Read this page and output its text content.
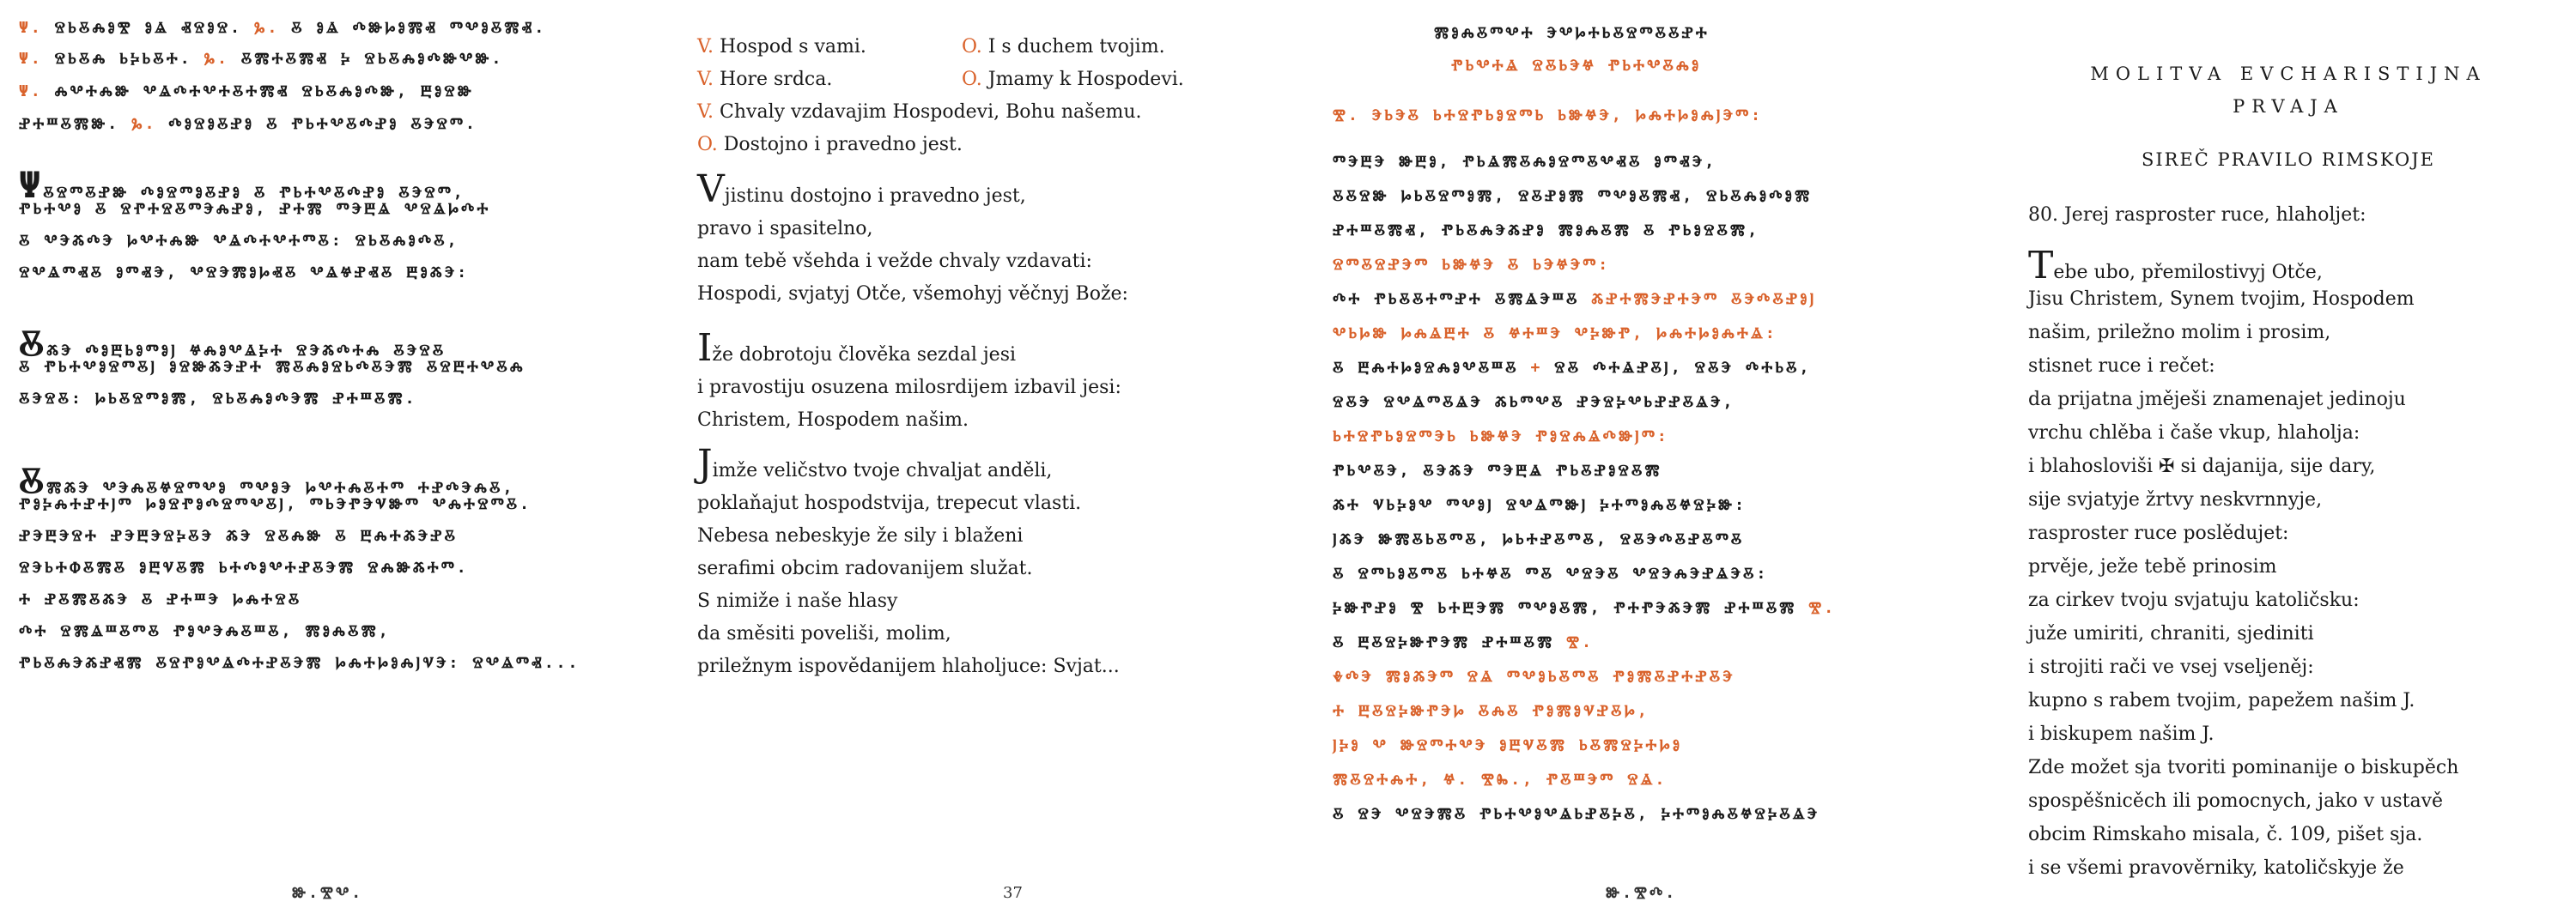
Ψ. ⰔⰓⰋⰎⰑⰊ ⰑⰡ ⰟⰔⰑⰔ. Ⰳ. Ⰻ ⰑⰡ ⰄⰖⰘⰑⰏⰟ ⰕⰂⰑⰋⰏⰟ.
Ψ. ⰔⰓⰋⰎ ⰓⰍⰓⰋⰀ. Ⰳ. ⰋⰏⰀⰋⰏⰟ Ⰽ ⰔⰓⰋⰎⰑⰄⰖⰂⰖ.
Ψ. ⰎⰂⰀⰎⰖ ⰂⰡⰄⰀⰂⰀⰋⰀⰏⰟ ⰔⰓⰋⰎⰑⰄⰖ, ⰁⰑⰔⰖ
ⰐⰀⰞⰋⰏⰖ. Ⰳ. ⰄⰑⰔⰑⰋⰐⰑ Ⰻ ⰒⰓⰀⰂⰋⰄⰐⰑ ⰋⰅⰔⰕ.
ΨⰋⰔⰕⰋⰐⰖ ⰄⰑⰔⰕⰑⰋⰐⰑ Ⰻ ⰒⰓⰀⰂⰋⰄⰐⰑ ⰋⰅⰔⰕ,
ⰒⰓⰀⰂⰑ Ⰻ ⰔⰒⰀⰔⰋⰕⰅⰎⰐⰑ, ⰐⰀⰏ ⰕⰅⰁⰡ ⰂⰔⰡⰘⰄⰀ
Ⰻ ⰂⰅⰆⰄⰅ ⰘⰂⰀⰎⰖ ⰂⰡⰄⰀⰂⰀⰕⰋ: ⰔⰓⰋⰎⰑⰄⰋ,
ⰔⰂⰡⰕⰟⰋ ⰑⰕⰟⰅ, ⰂⰔⰅⰏⰑⰘⰟⰋ ⰂⰡⰝⰐⰟⰋ ⰁⰑⰆⰅ:
ⰋⰆⰅ ⰄⰑⰁⰓⰑⰕⰑⰬ ⰝⰎⰑⰂⰡⰍⰀ ⰔⰅⰆⰄⰀⰎ ⰋⰅⰔⰋ
Ⰻ ⰒⰓⰀⰂⰑⰔⰕⰋⰬ ⰑⰔⰖⰆⰅⰐⰀ ⰏⰋⰎⰑⰔⰓⰄⰋⰅⰏ ⰋⰔⰁⰀⰂⰋⰎ
ⰋⰅⰔⰋ: ⰘⰓⰋⰔⰕⰑⰏ, ⰔⰓⰋⰎⰑⰄⰅⰏ ⰐⰀⰞⰋⰏ.
ⰋⰏⰆⰅ ⰂⰅⰎⰋⰝⰔⰕⰂⰑ ⰕⰂⰑⰅ ⰘⰂⰀⰎⰋⰀⰕ ⰀⰐⰄⰅⰎⰋ,
ⰒⰑⰍⰎⰀⰐⰀⰬⰕ ⰘⰑⰔⰒⰑⰄⰔⰕⰂⰋⰬ, ⰕⰓⰅⰒⰅⰜⰖⰕ ⰂⰎⰀⰔⰕⰋ.
ⰐⰅⰁⰅⰔⰀ ⰐⰅⰁⰅⰔⰍⰋⰅ ⰆⰅ ⰔⰋⰎⰖ Ⰻ ⰁⰎⰀⰆⰅⰐⰋ
ⰔⰅⰓⰀⰗⰋⰏⰋ ⰑⰁⰜⰋⰏ ⰓⰀⰄⰑⰂⰀⰐⰋⰅⰏ ⰔⰎⰖⰆⰀⰕ.
Ⰰ ⰐⰋⰏⰋⰆⰅ Ⰻ ⰐⰀⰞⰅ ⰘⰎⰀⰔⰋ
ⰄⰀ ⰔⰏⰡⰞⰋⰕⰋ ⰒⰑⰂⰅⰎⰋⰞⰋ, ⰏⰑⰎⰋⰏ,
ⰒⰓⰋⰎⰅⰆⰐⰟⰏ ⰋⰔⰒⰑⰂⰡⰄⰀⰐⰋⰅⰏ ⰘⰎⰀⰘⰑⰎⰬⰜⰅ: ⰔⰂⰡⰕⰟ...
Ⱆ.ⰊⰂ.
V. Hospod s vami.	O. I s duchem tvojim.
V. Hore srdca.	O. Jmamy k Hospodevi.
V. Chvaly vzdavajim Hospodevi, Bohu našemu.
O. Dostojno i pravedno jest.
Vjistinu dostojno i pravedno jest,
pravo i spasitelno,
nam tebě všehda i vežde chvaly vzdavati:
Hospodi, svjatyj Otče, všemohyj věčnyj Bože:
Iže dobrotoju člověka sezdal jesi
i pravostiju osuzena milosrdijem izbavil jesi:
Christem, Hospodem našim.
Jimže veličstvo tvoje chvaljat anděli,
poklaňajut hospodstvija, trepecut vlasti.
Nebesa nebeskyje že sily i blaženi
serafimi obcim radovanijem služat.
S nimiže i naše hlasy
da směsiti poveliši, molim,
priležnym ispovědanijem hlaholjuce: Svjat...
37
ⰏⰑⰎⰋⰕⰂⰀ ⰅⰂⰘⰀⰓⰋⰔⰕⰋⰋⰐⰀ
ⰒⰓⰂⰀⰡ ⰔⰋⰓⰅⰝ ⰒⰓⰀⰂⰋⰎⰑ
Ⰺ. ⰅⰓⰅⰋ ⰓⰀⰔⰒⰓⰑⰔⰕⰓ ⰓⰖⰝⰅ, ⰘⰎⰀⰘⰑⰎⰬⰅⰕ:
ⰕⰅⰁⰅ ⰖⰁⰑ, ⰒⰓⰡⰏⰋⰎⰑⰔⰕⰋⰂⰟⰋ ⰑⰕⰟⰅ,
ⰋⰋⰔⰖ ⰘⰓⰋⰔⰕⰑⰏ, ⰔⰋⰐⰑⰏ ⰕⰂⰑⰋⰏⰟ, ⰔⰓⰋⰎⰑⰄⰑⰏ
ⰐⰀⰞⰋⰏⰟ, ⰒⰓⰋⰎⰅⰆⰐⰑ ⰏⰑⰎⰋⰏ Ⰻ ⰒⰓⰑⰔⰋⰏ,
ⰔⰕⰋⰔⰐⰅⰕ ⰓⰖⰝⰅ Ⰻ ⰓⰅⰝⰅⰕ:
ⰄⰀ ⰒⰓⰋⰋⰀⰕⰐⰀ ⰋⰏⰡⰅⰞⰋ ⰆⰐⰀⰏⰅⰐⰀⰅⰕ ⰋⰅⰄⰋⰐⰑⰬ
ⰂⰓⰘⰖ ⰘⰎⰡⰁⰀ Ⰻ ⰝⰀⰞⰅ ⰂⰍⰖⰒ, ⰘⰎⰀⰘⰑⰎⰀⰡ:
Ⰻ ⰁⰎⰀⰘⰑⰔⰎⰑⰂⰋⰞⰋ + ⰔⰋ ⰄⰀⰡⰐⰋⰬ, ⰔⰋⰅ ⰄⰀⰓⰋ,
ⰔⰋⰅ ⰔⰂⰡⰕⰋⰡⰅ ⰆⰓⰕⰂⰋ ⰐⰅⰔⰍⰂⰓⰐⰐⰋⰡⰅ,
ⰓⰀⰔⰒⰓⰑⰔⰕⰅⰓ ⰓⰖⰝⰅ ⰒⰑⰔⰎⰡⰄⰖⰬⰕ:
ⰒⰓⰂⰋⰅ, ⰋⰅⰆⰅ ⰕⰅⰁⰡ ⰒⰓⰋⰐⰑⰔⰋⰏ
ⰆⰀ ⰜⰓⰍⰑⰂ ⰕⰂⰑⰬ ⰔⰂⰡⰕⰖⰬ ⰍⰀⰕⰑⰎⰋⰝⰔⰍⰖ:
ⰬⰆⰅ ⰖⰏⰋⰓⰋⰕⰋ, ⰘⰓⰀⰐⰋⰕⰋ, ⰔⰋⰅⰄⰋⰐⰋⰕⰋ
Ⰻ ⰔⰕⰓⰑⰋⰕⰋ ⰓⰀⰝⰋ ⰕⰋ ⰂⰔⰅⰋ ⰂⰔⰅⰎⰅⰐⰡⰅⰋ:
ⰍⰖⰒⰐⰑ Ⰺ ⰓⰀⰁⰅⰏ ⰕⰂⰑⰋⰏ, ⰒⰀⰒⰅⰆⰅⰏ ⰐⰀⰞⰋⰏ Ⰺ.
Ⰻ ⰁⰋⰔⰍⰖⰒⰅⰏ ⰐⰀⰞⰋⰏ Ⰺ.
ⰇⰄⰅ ⰏⰑⰆⰅⰕ ⰔⰡ ⰕⰂⰑⰓⰋⰕⰋ ⰒⰑⰏⰋⰐⰀⰐⰋⰅ
Ⰰ ⰁⰋⰔⰍⰖⰒⰅⰘ ⰋⰎⰋ ⰒⰑⰏⰑⰜⰐⰋⰘ,
ⰬⰍⰑ Ⰲ ⰖⰔⰕⰀⰂⰅ ⰑⰁⰜⰋⰏ ⰓⰋⰏⰔⰍⰀⰘⰑ
ⰏⰋⰔⰀⰎⰀ, Ⱍ. ⰊⰈ., ⰒⰋⰞⰅⰕ ⰔⰡ.
Ⰻ ⰔⰅ ⰂⰔⰅⰏⰋ ⰒⰓⰀⰂⰑⰂⰡⰓⰐⰋⰍⰋ, ⰍⰀⰕⰑⰎⰋⰝⰔⰍⰋⰡⰅ
Ⱆ.ⰊⰄ.
MOLITVA EVCHARISTIJNA
PRVAJA
SIREČ PRAVILO RIMSKOJE
80. Jerej rasproster ruce, hlaholjet:
Tebe ubo, přemilostivyj Otče,
Jisu Christem, Synem tvojim, Hospodem
našim, priležno molim i prosim,
stisnet ruce i rečet:
da prijatna jměješi znamenajet jedinoju
vrchu chlěba i čaše vkup, hlaholja:
i blahosloviši ✠ si dajanija, sije dary,
sije svjatyje žrtvy neskvrnnyje,
rasproster ruce poslědujet:
prvěje, ježe tebě prinosim
za cirkev tvoju svjatuju katoličsku:
juže umiriti, chraniti, sjediniti
i strojiti rači ve vsej vseljeněj:
kupno s rabem tvojim, papežem našim J.
i biskupem našim J.
Zde možet sja tvoriti pominanije o biskupěch
spospěšnicěch ili pomocnych, jako v ustavě
obcim Rimskaho misala, č. 109, pišet sja.
i se všemi pravověrniky, katoličskyje že
